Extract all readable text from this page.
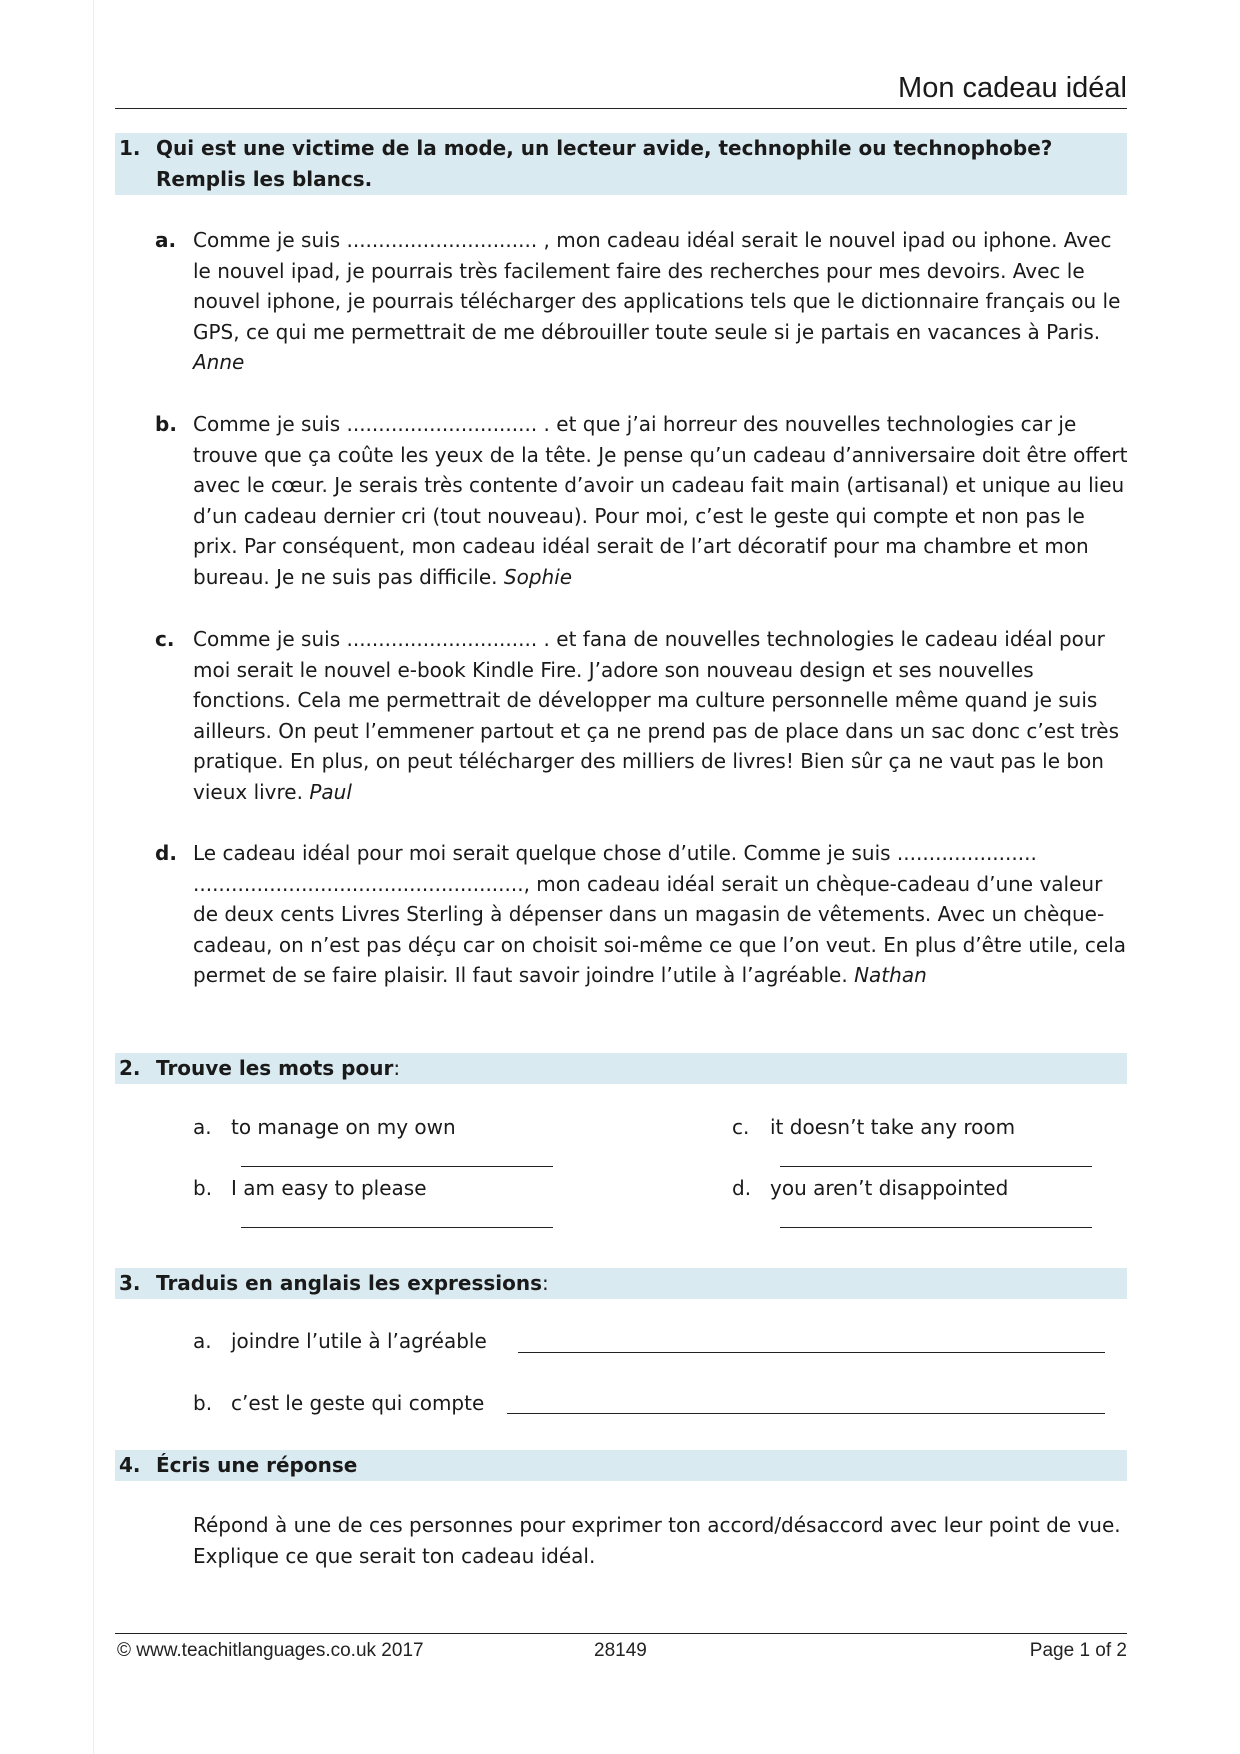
Mon cadeau idéal
1. Qui est une victime de la mode, un lecteur avide, technophile ou technophobe? Remplis les blancs.
a. Comme je suis .............................. , mon cadeau idéal serait le nouvel ipad ou iphone. Avec le nouvel ipad, je pourrais très facilement faire des recherches pour mes devoirs. Avec le nouvel iphone, je pourrais télécharger des applications tels que le dictionnaire français ou le GPS, ce qui me permettrait de me débrouiller toute seule si je partais en vacances à Paris. Anne
b. Comme je suis .............................. . et que j’ai horreur des nouvelles technologies car je trouve que ça coûte les yeux de la tête. Je pense qu’un cadeau d’anniversaire doit être offert avec le cœur. Je serais très contente d’avoir un cadeau fait main (artisanal) et unique au lieu d’un cadeau dernier cri (tout nouveau). Pour moi, c’est le geste qui compte et non pas le prix. Par conséquent, mon cadeau idéal serait de l’art décoratif pour ma chambre et mon bureau. Je ne suis pas difficile. Sophie
c. Comme je suis .............................. . et fana de nouvelles technologies le cadeau idéal pour moi serait le nouvel e-book Kindle Fire. J’adore son nouveau design et ses nouvelles fonctions. Cela me permettrait de développer ma culture personnelle même quand je suis ailleurs. On peut l’emmener partout et ça ne prend pas de place dans un sac donc c’est très pratique. En plus, on peut télécharger des milliers de livres! Bien sûr ça ne vaut pas le bon vieux livre. Paul
d. Le cadeau idéal pour moi serait quelque chose d’utile. Comme je suis ...................... ...................................................., mon cadeau idéal serait un chèque-cadeau d’une valeur de deux cents Livres Sterling à dépenser dans un magasin de vêtements. Avec un chèque-cadeau, on n’est pas déçu car on choisit soi-même ce que l’on veut. En plus d’être utile, cela permet de se faire plaisir. Il faut savoir joindre l’utile à l’agréable. Nathan
2. Trouve les mots pour:
a. to manage on my own
b. I am easy to please
c. it doesn’t take any room
d. you aren’t disappointed
3. Traduis en anglais les expressions:
a. joindre l’utile à l’agréable
b. c’est le geste qui compte
4. Écris une réponse
Répond à une de ces personnes pour exprimer ton accord/désaccord avec leur point de vue. Explique ce que serait ton cadeau idéal.
© www.teachitlanguages.co.uk 2017	28149	Page 1 of 2
